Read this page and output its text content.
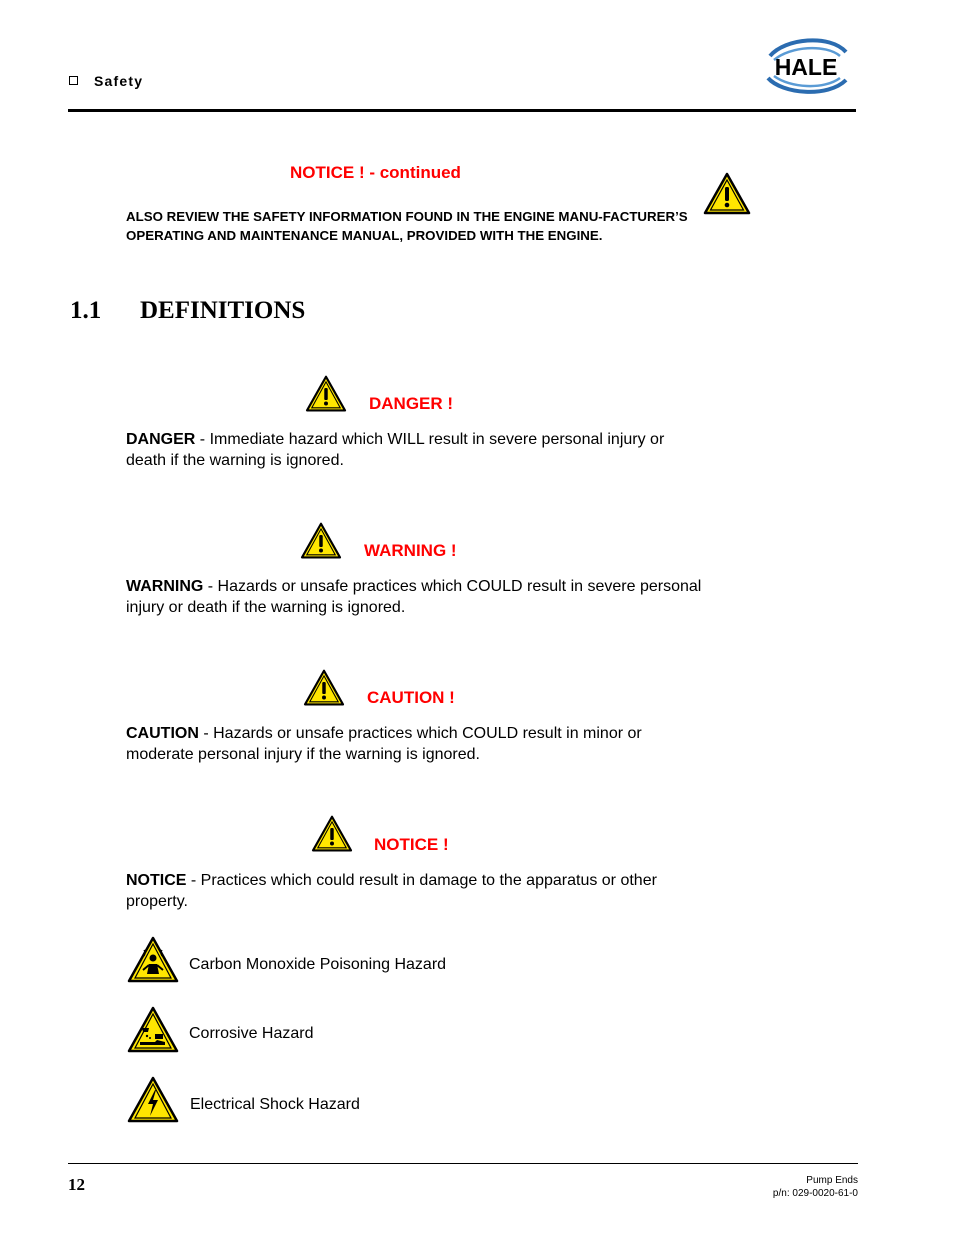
Safety
HALE
NOTICE ! - continued
ALSO REVIEW THE SAFETY INFORMATION FOUND IN THE ENGINE MANU-FACTURER’S OPERATING AND MAINTENANCE MANUAL, PROVIDED WITH THE ENGINE.
1.1 DEFINITIONS
DANGER !
DANGER - Immediate hazard which WILL result in severe personal injury or death if the warning is ignored.
WARNING !
WARNING - Hazards or unsafe practices which COULD result in severe personal injury or death if the warning is ignored.
CAUTION !
CAUTION - Hazards or unsafe practices which COULD result in minor or moderate personal injury if the warning is ignored.
NOTICE !
NOTICE - Practices which could result in damage to the apparatus or other property.
Carbon Monoxide Poisoning Hazard
Corrosive Hazard
Electrical Shock Hazard
12	Pump Ends
p/n: 029-0020-61-0
